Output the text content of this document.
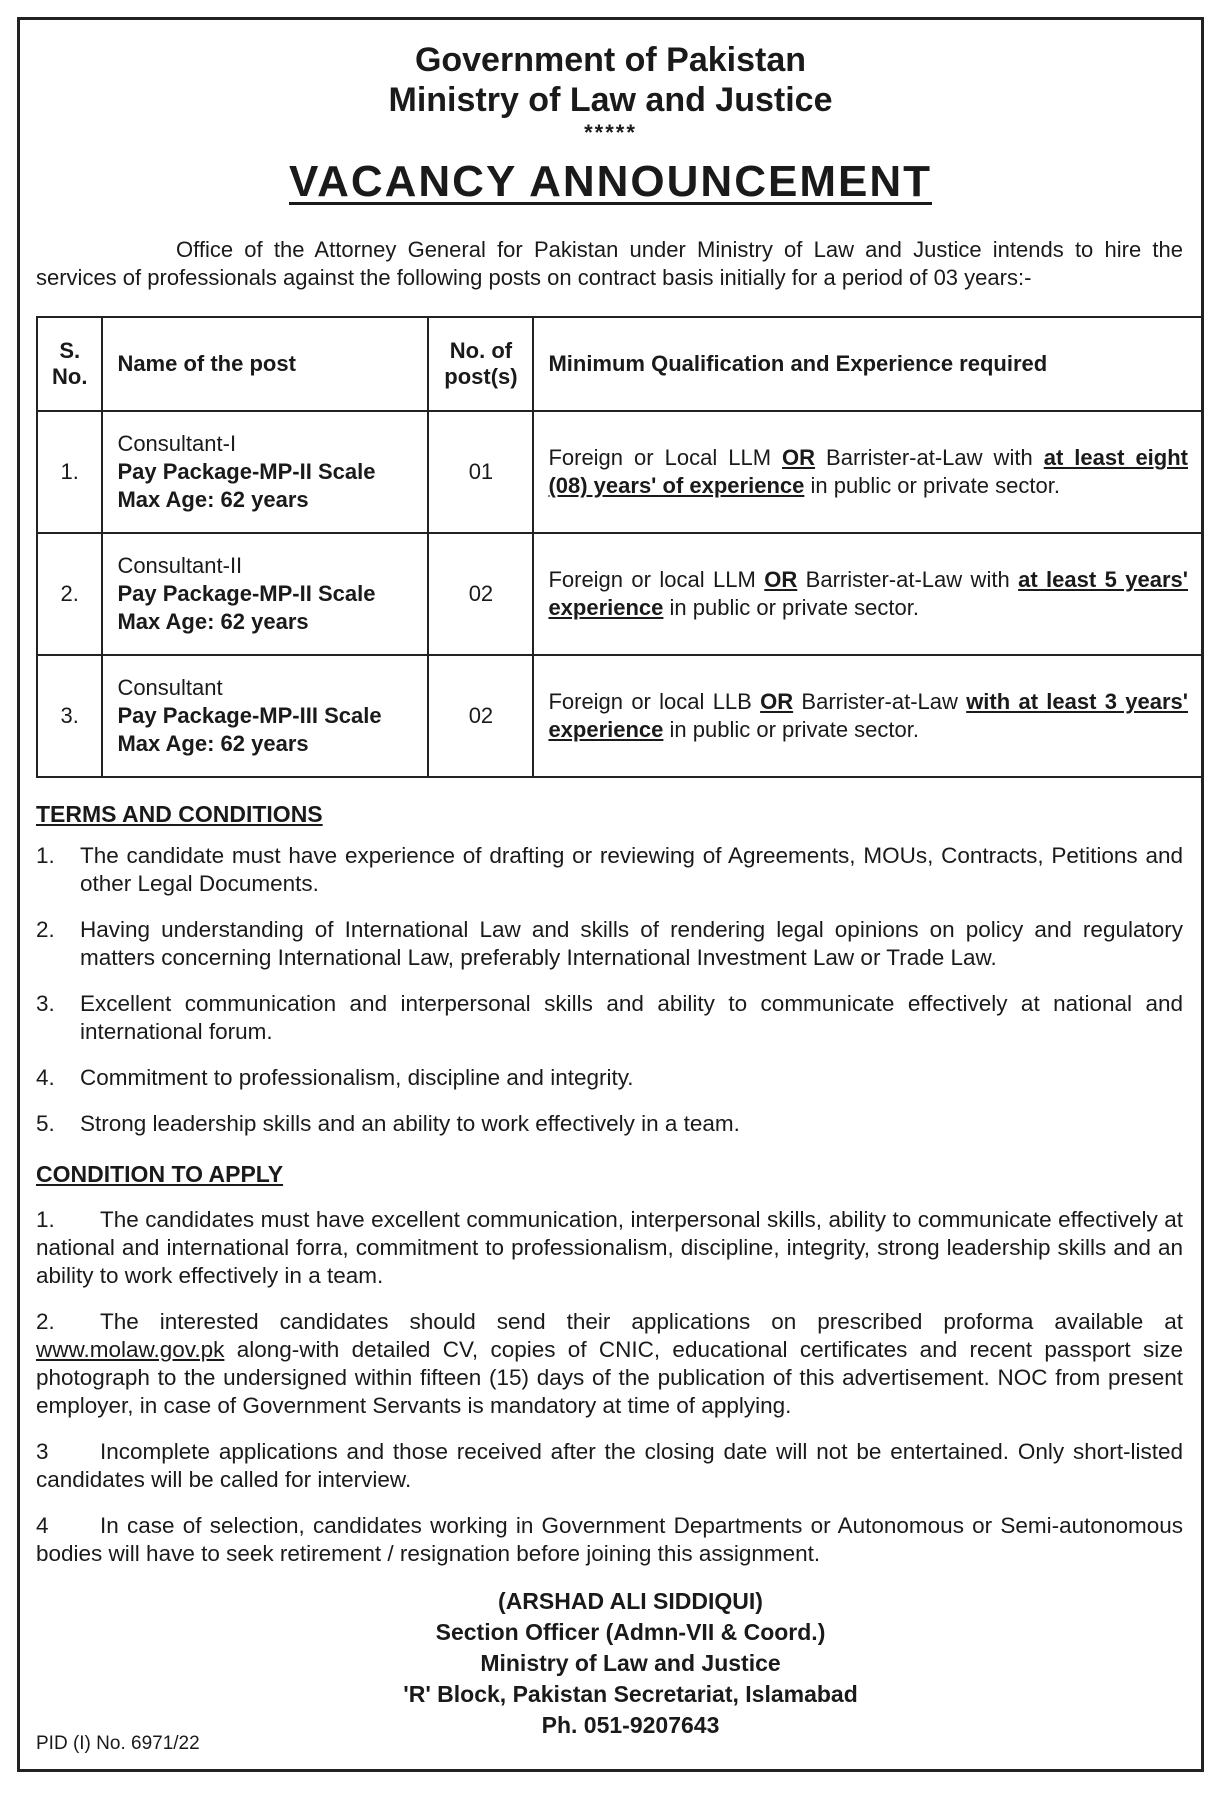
Government of Pakistan
Ministry of Law and Justice
*****
VACANCY ANNOUNCEMENT
Office of the Attorney General for Pakistan under Ministry of Law and Justice intends to hire the services of professionals against the following posts on contract basis initially for a period of 03 years:-
S. No.	Name of the post	No. of post(s)	Minimum Qualification and Experience required
1.	Consultant-I
Pay Package-MP-II Scale
Max Age: 62 years	01	Foreign or Local LLM OR Barrister-at-Law with at least eight (08) years' of experience in public or private sector.
2.	Consultant-II
Pay Package-MP-II Scale
Max Age: 62 years	02	Foreign or local LLM OR Barrister-at-Law with at least 5 years' experience in public or private sector.
3.	Consultant
Pay Package-MP-III Scale
Max Age: 62 years	02	Foreign or local LLB OR Barrister-at-Law with at least 3 years' experience in public or private sector.
TERMS AND CONDITIONS
1.	The candidate must have experience of drafting or reviewing of Agreements, MOUs, Contracts, Petitions and other Legal Documents.
2.	Having understanding of International Law and skills of rendering legal opinions on policy and regulatory matters concerning International Law, preferably International Investment Law or Trade Law.
3.	Excellent communication and interpersonal skills and ability to communicate effectively at national and international forum.
4.	Commitment to professionalism, discipline and integrity.
5.	Strong leadership skills and an ability to work effectively in a team.
CONDITION TO APPLY

1. The candidates must have excellent communication, interpersonal skills, ability to communicate effectively at national and international forra, commitment to professionalism, discipline, integrity, strong leadership skills and an ability to work effectively in a team.

2. The interested candidates should send their applications on prescribed proforma available at www.molaw.gov.pk along-with detailed CV, copies of CNIC, educational certificates and recent passport size photograph to the undersigned within fifteen (15) days of the publication of this advertisement. NOC from present employer, in case of Government Servants is mandatory at time of applying.

3 Incomplete applications and those received after the closing date will not be entertained. Only short-listed candidates will be called for interview.

4 In case of selection, candidates working in Government Departments or Autonomous or Semi-autonomous bodies will have to seek retirement / resignation before joining this assignment.

(ARSHAD ALI SIDDIQUI)
Section Officer (Admn-VII & Coord.)
Ministry of Law and Justice
'R' Block, Pakistan Secretariat, Islamabad
Ph. 051-9207643
PID (I) No. 6971/22
